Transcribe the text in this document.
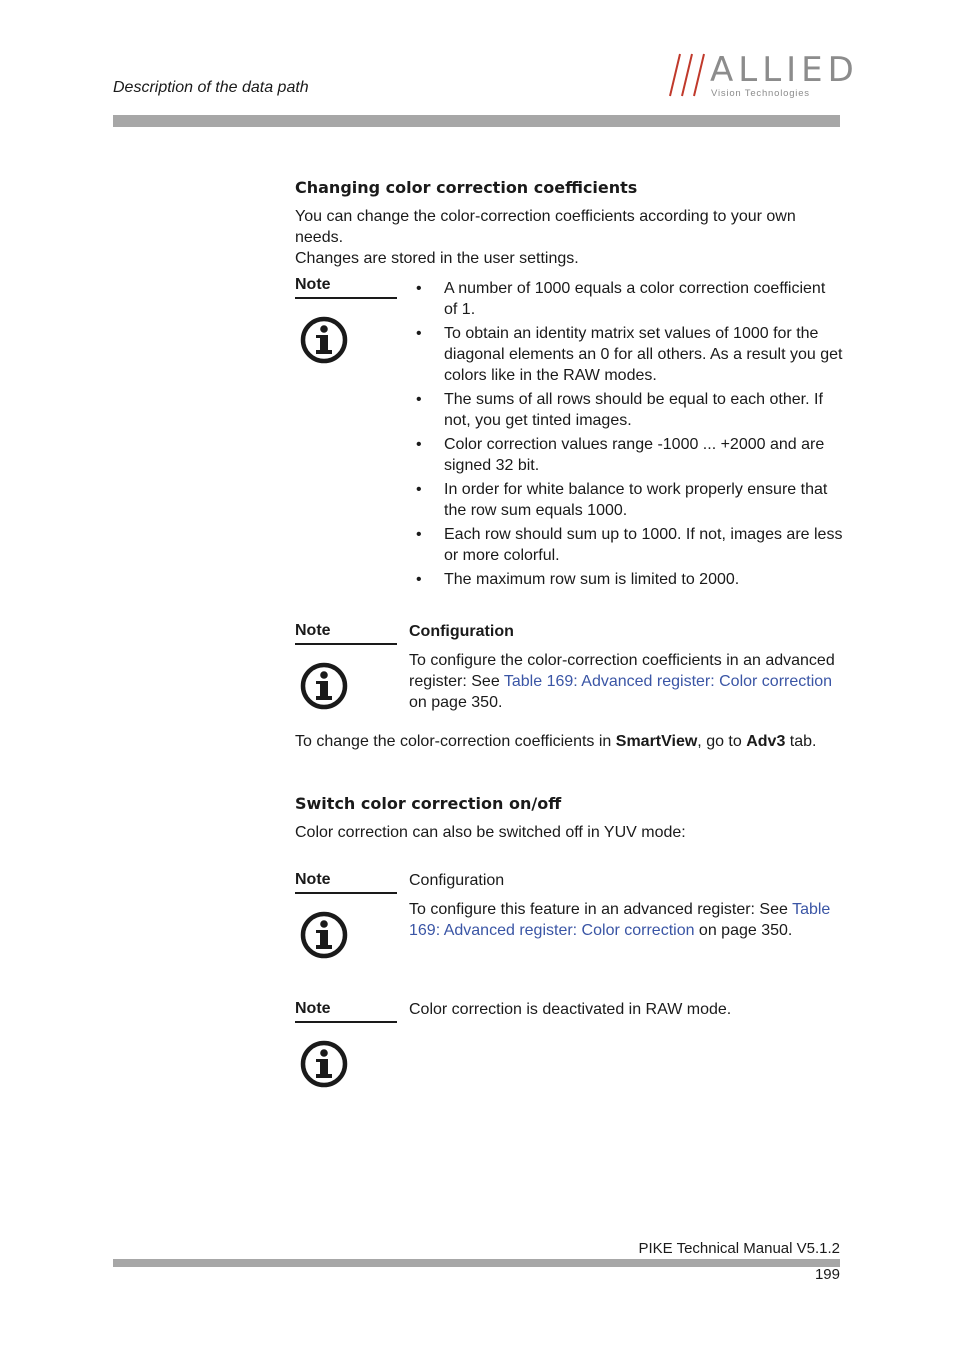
Description of the data path	ALLIED
Vision Technologies
Changing color correction coefficients
You can change the color-correction coefficients according to your own needs.
Changes are stored in the user settings.
Note
•	A number of 1000 equals a color correction coefficient of 1.
• To obtain an identity matrix set values of 1000 for the diagonal elements an 0 for all others. As a result you get colors like in the RAW modes.
• The sums of all rows should be equal to each other. If not, you get tinted images.
• Color correction values range -1000 ... +2000 and are signed 32 bit.
• In order for white balance to work properly ensure that the row sum equals 1000.
• Each row should sum up to 1000. If not, images are less or more colorful.
• The maximum row sum is limited to 2000.
Note	Configuration
To configure the color-correction coefficients in an advanced register: See Table 169: Advanced register: Color correction on page 350.
To change the color-correction coefficients in SmartView, go to Adv3 tab.
Switch color correction on/off
Color correction can also be switched off in YUV mode:
Note	Configuration
To configure this feature in an advanced register: See Table 169: Advanced register: Color correction on page 350.
Note	Color correction is deactivated in RAW mode.
PIKE Technical Manual V5.1.2
199
